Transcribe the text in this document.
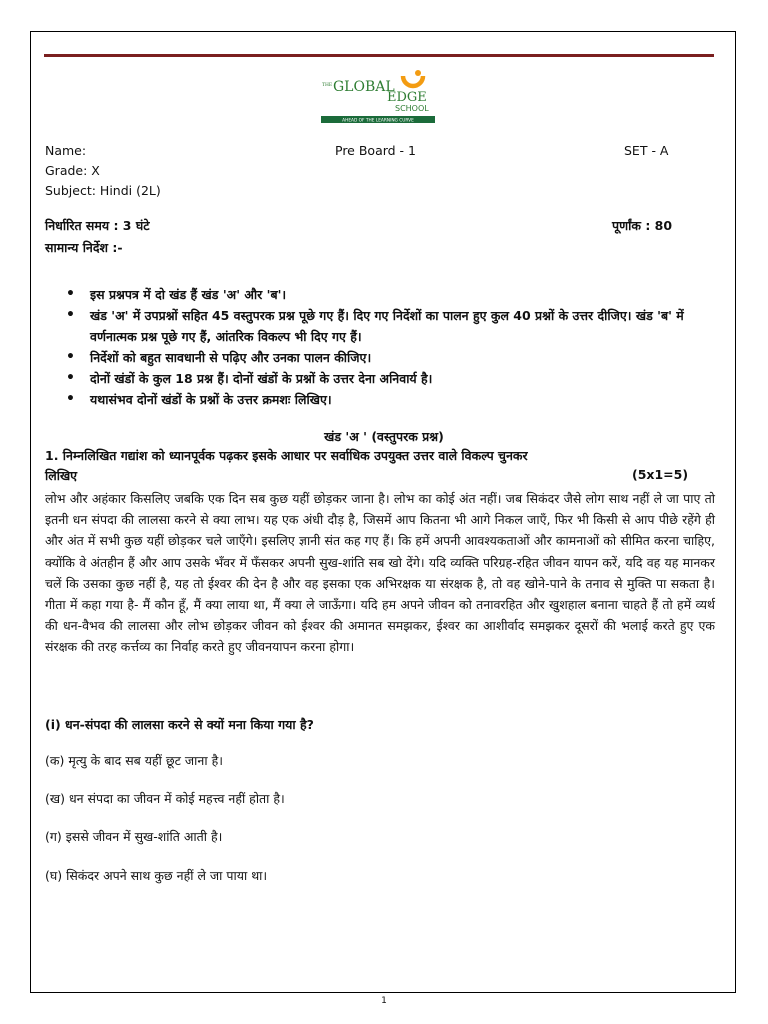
THE GLOBAL
EDGE
SCHOOL
AHEAD OF THE LEARNING CURVE
Name:	Pre Board - 1	SET - A
Grade: X
Subject: Hindi (2L)
निर्धारित समय : 3 घंटे	पूर्णांक : 80
सामान्य निर्देश :-
• इस प्रश्नपत्र में दो खंड हैं खंड 'अ' और 'ब'।
• खंड 'अ' में उपप्रश्नों सहित 45 वस्तुपरक प्रश्न पूछे गए हैं। दिए गए निर्देशों का पालन हुए कुल 40 प्रश्नों के उत्तर दीजिए। खंड 'ब' में वर्णनात्मक प्रश्न पूछे गए हैं, आंतरिक विकल्प भी दिए गए हैं।
• निर्देशों को बहुत सावधानी से पढ़िए और उनका पालन कीजिए।
• दोनों खंडों के कुल 18 प्रश्न हैं। दोनों खंडों के प्रश्नों के उत्तर देना अनिवार्य है।
• यथासंभव दोनों खंडों के प्रश्नों के उत्तर क्रमशः लिखिए।
खंड 'अ ' (वस्तुपरक प्रश्न)
1. निम्नलिखित गद्यांश को ध्यानपूर्वक पढ़कर इसके आधार पर सर्वाधिक उपयुक्त उत्तर वाले विकल्प चुनकर
लिखिए	(5x1=5)
लोभ और अहंकार किसलिए जबकि एक दिन सब कुछ यहीं छोड़कर जाना है। लोभ का कोई अंत नहीं। जब सिकंदर जैसे लोग साथ नहीं ले जा पाए तो इतनी धन संपदा की लालसा करने से क्या लाभ। यह एक अंधी दौड़ है, जिसमें आप कितना भी आगे निकल जाएँ, फिर भी किसी से आप पीछे रहेंगे ही और अंत में सभी कुछ यहीं छोड़कर चले जाएँगे। इसलिए ज्ञानी संत कह गए हैं। कि हमें अपनी आवश्यकताओं और कामनाओं को सीमित करना चाहिए, क्योंकि वे अंतहीन हैं और आप उसके भँवर में फँसकर अपनी सुख-शांति सब खो देंगे। यदि व्यक्ति परिग्रह-रहित जीवन यापन करें, यदि वह यह मानकर चलें कि उसका कुछ नहीं है, यह तो ईश्वर की देन है और वह इसका एक अभिरक्षक या संरक्षक है, तो वह खोने-पाने के तनाव से मुक्ति पा सकता है। गीता में कहा गया है- मैं कौन हूँ, मैं क्या लाया था, मैं क्या ले जाऊँगा। यदि हम अपने जीवन को तनावरहित और खुशहाल बनाना चाहते हैं तो हमें व्यर्थ की धन-वैभव की लालसा और लोभ छोड़कर जीवन को ईश्वर की अमानत समझकर, ईश्वर का आशीर्वाद समझकर दूसरों की भलाई करते हुए एक संरक्षक की तरह कर्त्तव्य का निर्वाह करते हुए जीवनयापन करना होगा।
(i) धन-संपदा की लालसा करने से क्यों मना किया गया है?
(क) मृत्यु के बाद सब यहीं छूट जाना है।
(ख) धन संपदा का जीवन में कोई महत्त्व नहीं होता है।
(ग) इससे जीवन में सुख-शांति आती है।
(घ) सिकंदर अपने साथ कुछ नहीं ले जा पाया था।
1
